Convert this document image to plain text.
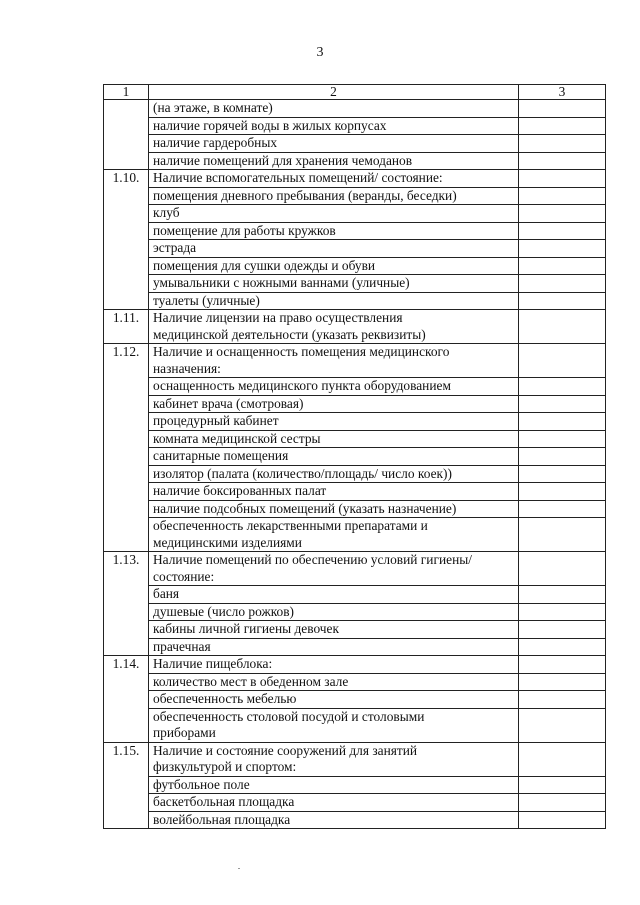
3
1	2	3
	(на этаже, в комнате)	
	наличие горячей воды в жилых корпусах	
	наличие гардеробных	
	наличие помещений для хранения чемоданов	
1.10.	Наличие вспомогательных помещений/ состояние:	
	помещения дневного пребывания (веранды, беседки)	
	клуб	
	помещение для работы кружков	
	эстрада	
	помещения для сушки одежды и обуви	
	умывальники с ножными ваннами (уличные)	
	туалеты (уличные)	
1.11.	Наличие лицензии на право осуществления
медицинской деятельности (указать реквизиты)	
1.12.	Наличие и оснащенность помещения медицинского
назначения:	
	оснащенность медицинского пункта оборудованием	
	кабинет врача (смотровая)	
	процедурный кабинет	
	комната медицинской сестры	
	санитарные помещения	
	изолятор (палата (количество/площадь/ число коек))	
	наличие боксированных палат	
	наличие подсобных помещений (указать назначение)	
	обеспеченность лекарственными препаратами и
медицинскими изделиями	
1.13.	Наличие помещений по обеспечению условий гигиены/
состояние:	
	баня	
	душевые (число рожков)	
	кабины личной гигиены девочек	
	прачечная	
1.14.	Наличие пищеблока:	
	количество мест в обеденном зале	
	обеспеченность мебелью	
	обеспеченность столовой посудой и столовыми
приборами	
1.15.	Наличие и состояние сооружений для занятий
физкультурой и спортом:	
	футбольное поле	
	баскетбольная площадка	
	волейбольная площадка	
